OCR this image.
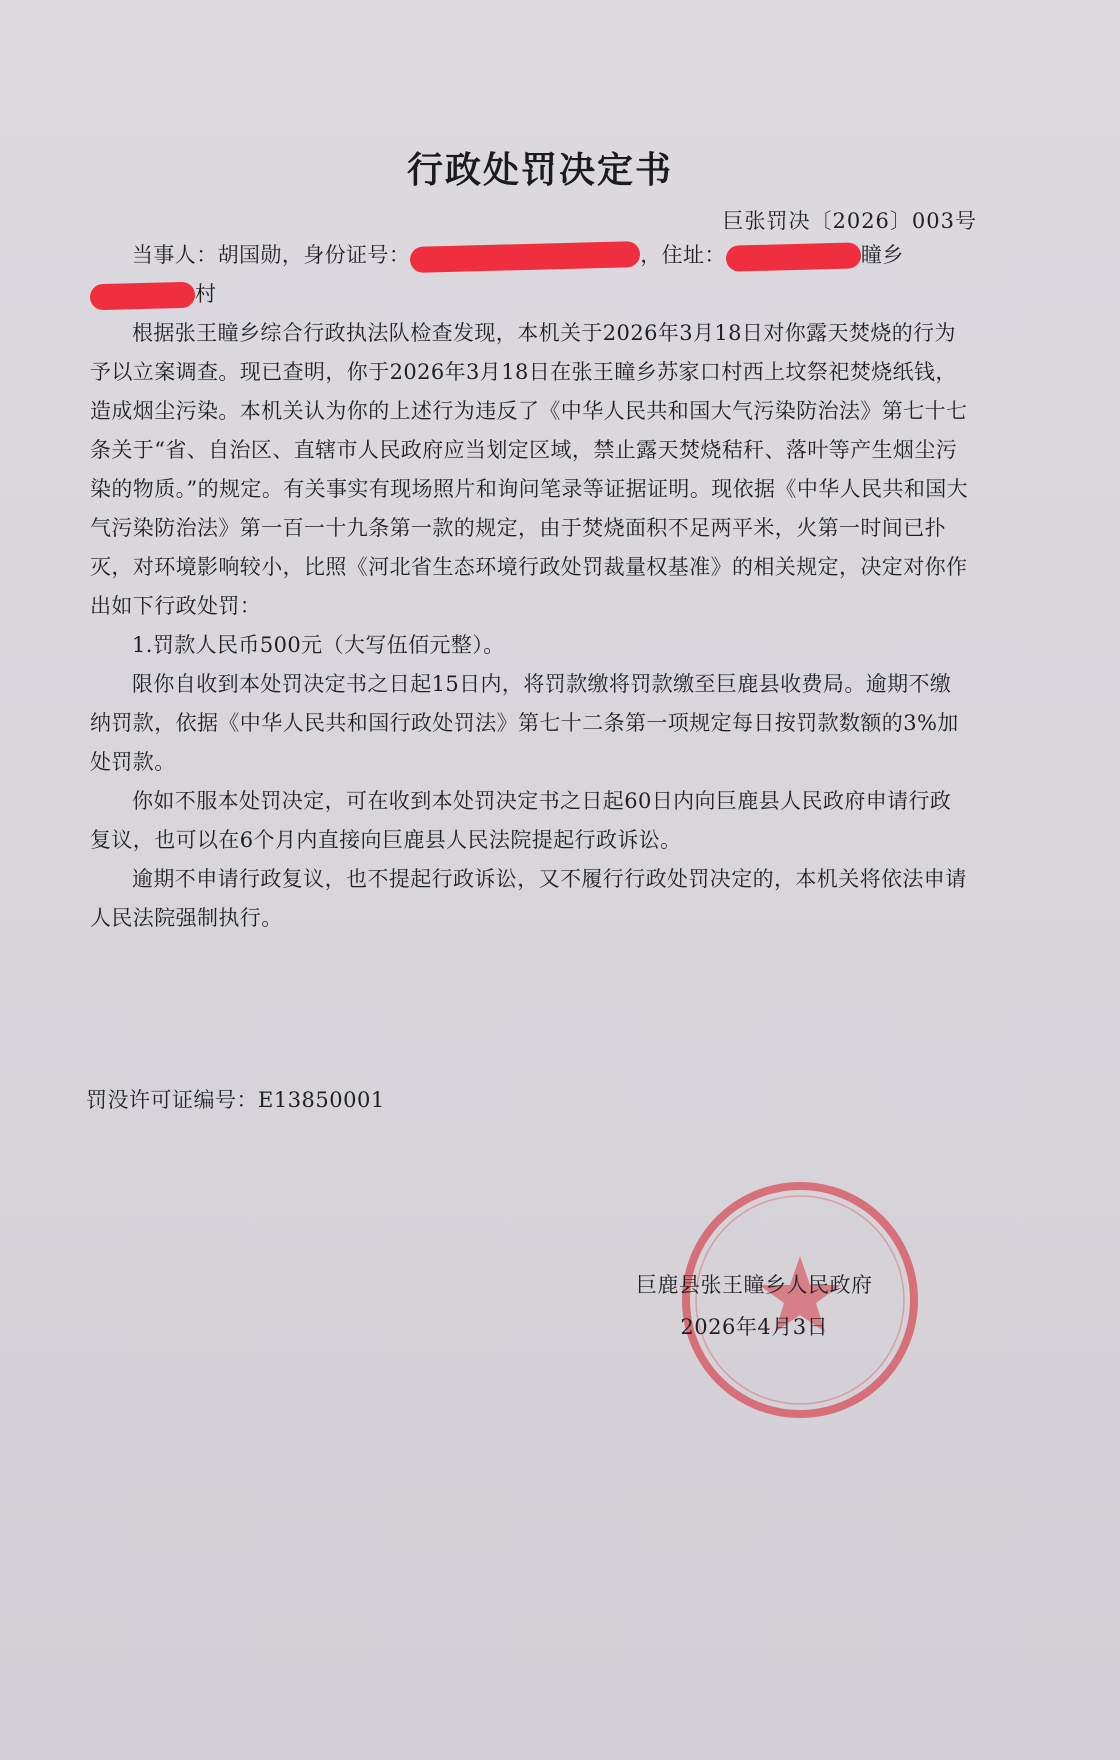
行政处罚决定书
巨张罚决〔2026〕003号

当事人：胡国勋，身份证号：	，住址：	瞳乡

村

根据张王瞳乡综合行政执法队检查发现，本机关于2026年3月18日对你露天焚烧的行为予以立案调查。现已查明，你于2026年3月18日在张王瞳乡苏家口村西上坟祭祀焚烧纸钱，造成烟尘污染。本机关认为你的上述行为违反了《中华人民共和国大气污染防治法》第七十七条关于“省、自治区、直辖市人民政府应当划定区域，禁止露天焚烧秸秆、落叶等产生烟尘污染的物质。”的规定。有关事实有现场照片和询问笔录等证据证明。现依据《中华人民共和国大气污染防治法》第一百一十九条第一款的规定，由于焚烧面积不足两平米，火第一时间已扑灭，对环境影响较小，比照《河北省生态环境行政处罚裁量权基准》的相关规定，决定对你作出如下行政处罚：

1.罚款人民币500元（大写伍佰元整）。

限你自收到本处罚决定书之日起15日内，将罚款缴将罚款缴至巨鹿县收费局。逾期不缴纳罚款，依据《中华人民共和国行政处罚法》第七十二条第一项规定每日按罚款数额的3%加处罚款。

你如不服本处罚决定，可在收到本处罚决定书之日起60日内向巨鹿县人民政府申请行政复议，也可以在6个月内直接向巨鹿县人民法院提起行政诉讼。

逾期不申请行政复议，也不提起行政诉讼，又不履行行政处罚决定的，本机关将依法申请人民法院强制执行。

罚没许可证编号：E13850001
巨鹿县张王瞳乡人民政府
2026年4月3日
